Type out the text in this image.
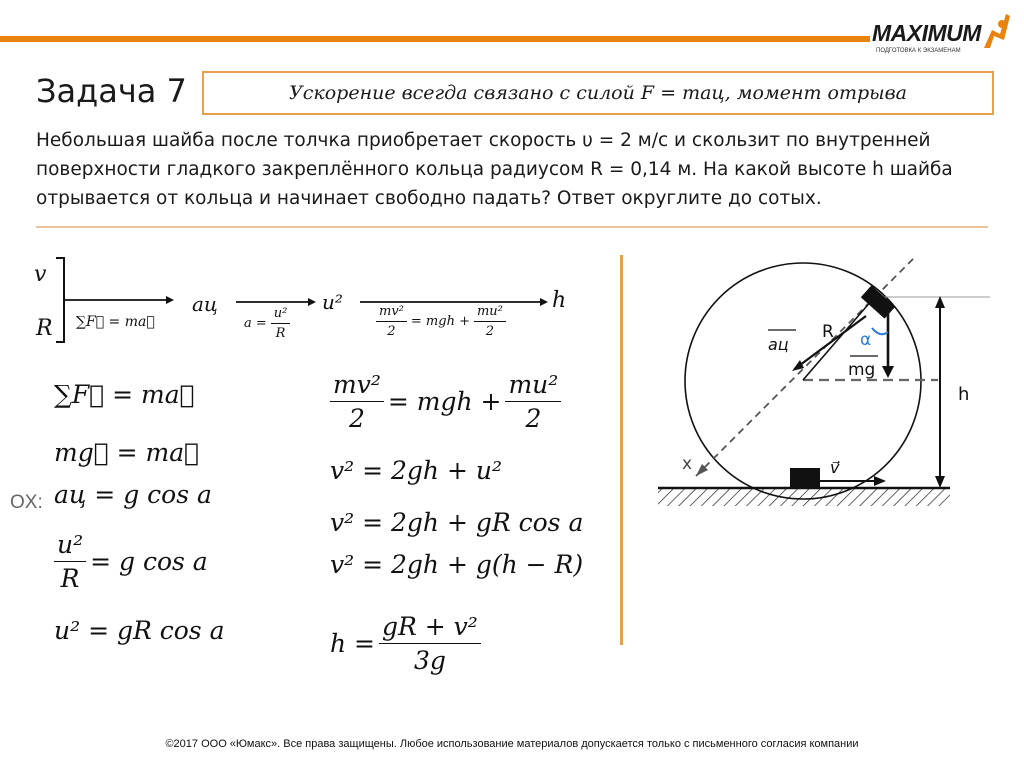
MAXIMUM
ПОДГОТОВКА К ЭКЗАМЕНАМ
Задача 7	Ускорение всегда связано с силой F = maц, момент отрыва
Небольшая шайба после толчка приобретает скорость υ = 2 м/с и скользит по внутренней поверхности гладкого закреплённого кольца радиусом R = 0,14 м. На какой высоте h шайба отрывается от кольца и начинает свободно падать? Ответ округлите до сотых.
v
R ∑F⃗ = ma⃗
aц
$a = \frac{\text{u²}}{R}$
u²
$\frac{\text{mv²}}{2}$ = mgh + $\frac{\text{mu²}}{2}$
h
∑F⃗ = ma⃗
mg⃗ = ma⃗
OX: aц = g cos a
$\frac{\text{u²}}{R} = g$ cos a
u² = gR cos a
$\frac{\text{mv²}}{2}$ = mgh + $\frac{\text{mu²}}{2}$
v² = 2gh + u²
v² = 2gh + gR cos a
v² = 2gh + g(h − R)
$h = \frac{\text{gR + v²}}{3g}$
R α
aц
mg
h
x	v⃗
©2017 ООО «Юмакс». Все права защищены. Любое использование материалов допускается только с письменного согласия компании
